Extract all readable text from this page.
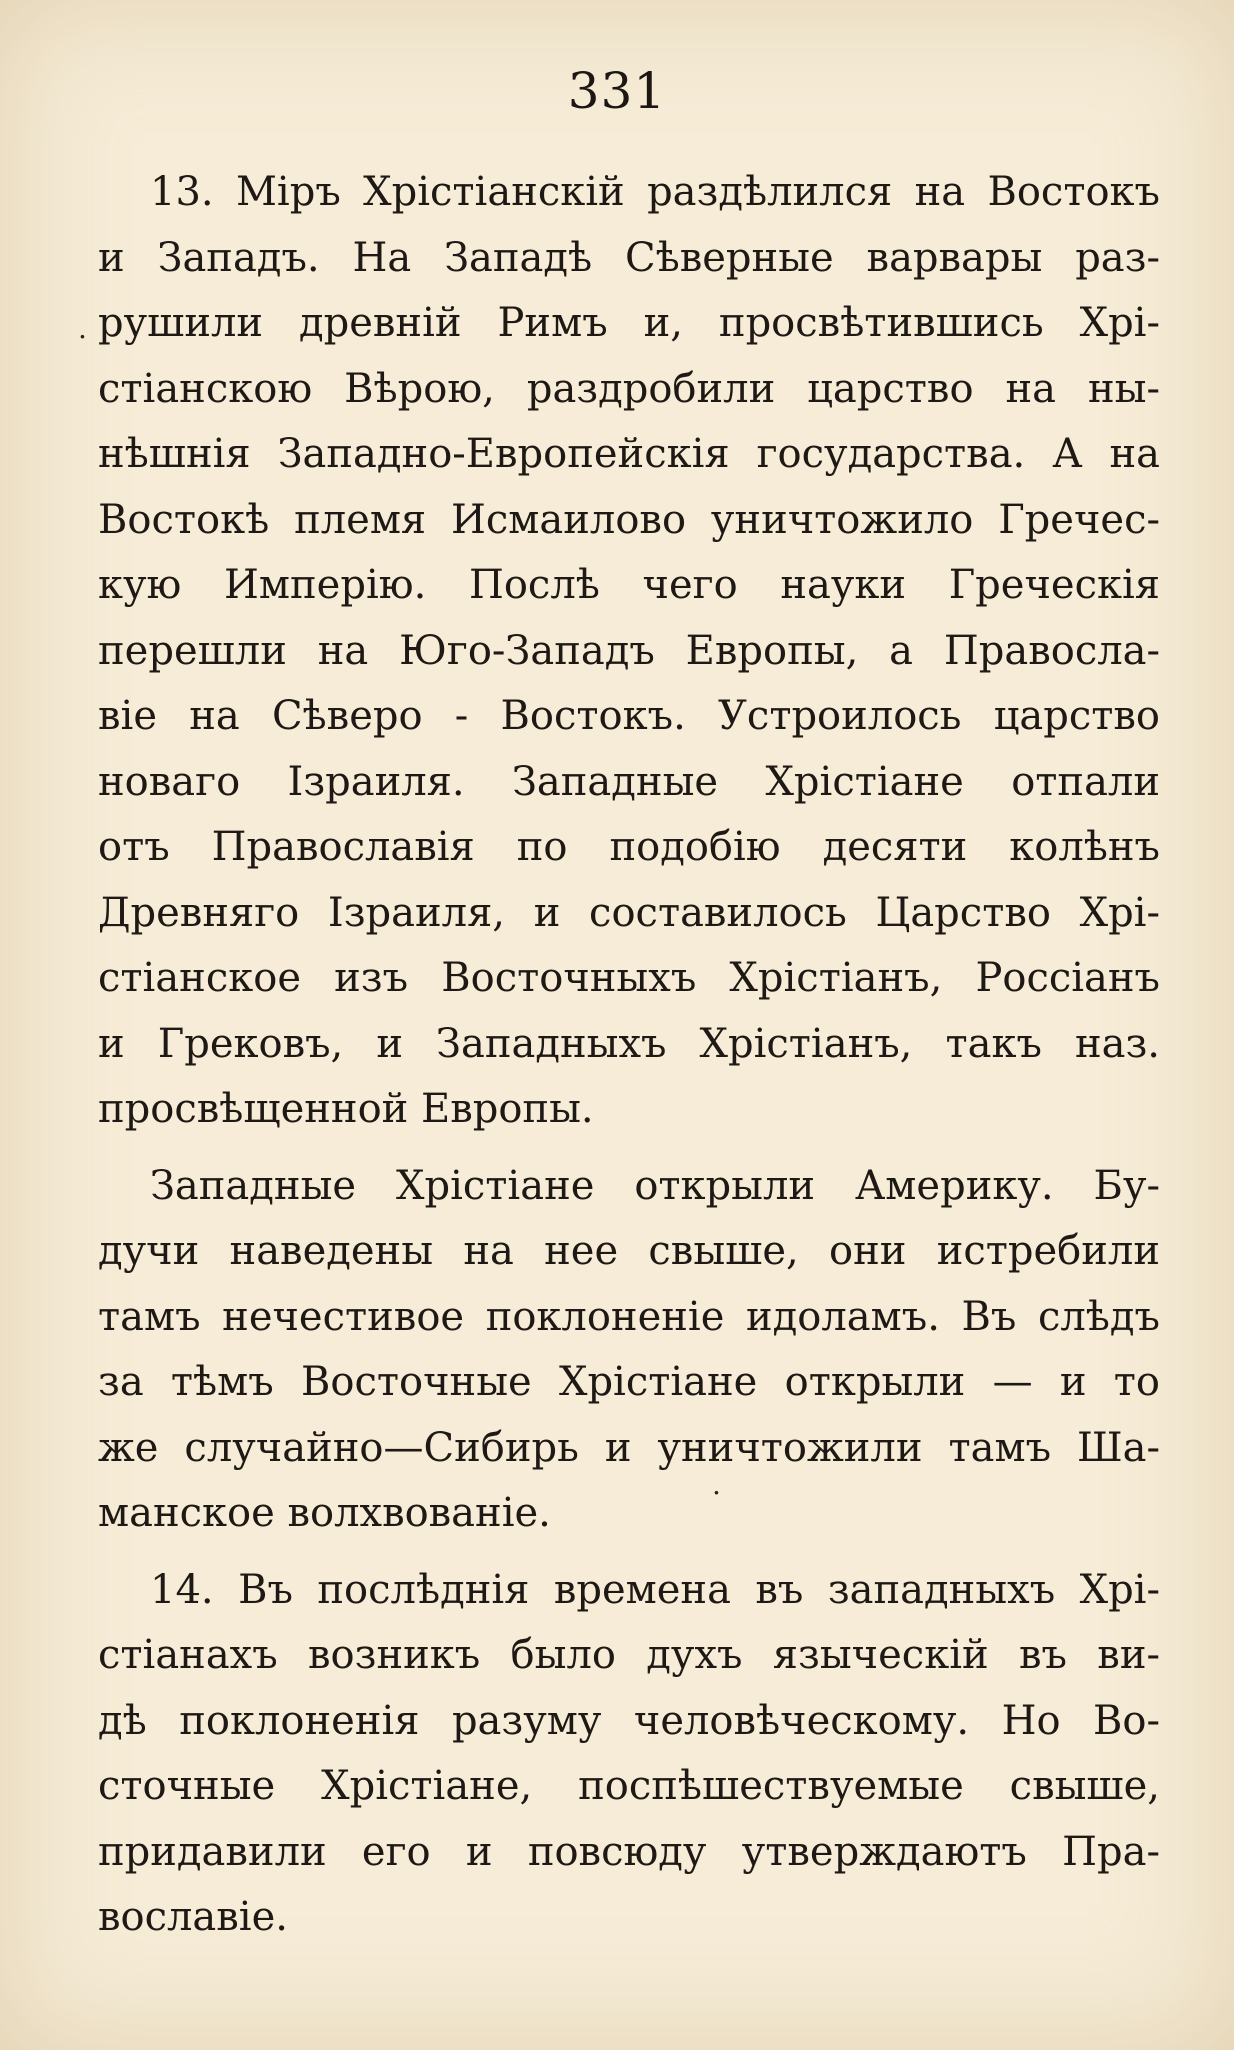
331
.
.
13. Міръ Хрістіанскій раздѣлился на Востокъ
и Западъ. На Западѣ Сѣверные варвары раз-
рушили древній Римъ и, просвѣтившись Хрі-
стіанскою Вѣрою, раздробили царство на ны-
нѣшнія Западно-Европейскія государства. А на
Востокѣ племя Исмаилово уничтожило Гречес-
кую Имперію. Послѣ чего науки Греческія
перешли на Юго-Западъ Европы, а Правосла-
віе на Сѣверо - Востокъ. Устроилось царство
новаго Ізраиля. Западные Хрістіане отпали
отъ Православія по подобію десяти колѣнъ
Древняго Ізраиля, и составилось Царство Хрі-
стіанское изъ Восточныхъ Хрістіанъ, Россіанъ
и Грековъ, и Западныхъ Хрістіанъ, такъ наз.
просвѣщенной Европы.
Западные Хрістіане открыли Америку. Бу-
дучи наведены на нее свыше, они истребили
тамъ нечестивое поклоненіе идоламъ. Въ слѣдъ
за тѣмъ Восточные Хрістіане открыли — и то
же случайно—Сибирь и уничтожили тамъ Ша-
манское волхвованіе.
14. Въ послѣднія времена въ западныхъ Хрі-
стіанахъ возникъ было духъ языческій въ ви-
дѣ поклоненія разуму человѣческому. Но Во-
сточные Хрістіане, поспѣшествуемые свыше,
придавили его и повсюду утверждаютъ Пра-
вославіе.
